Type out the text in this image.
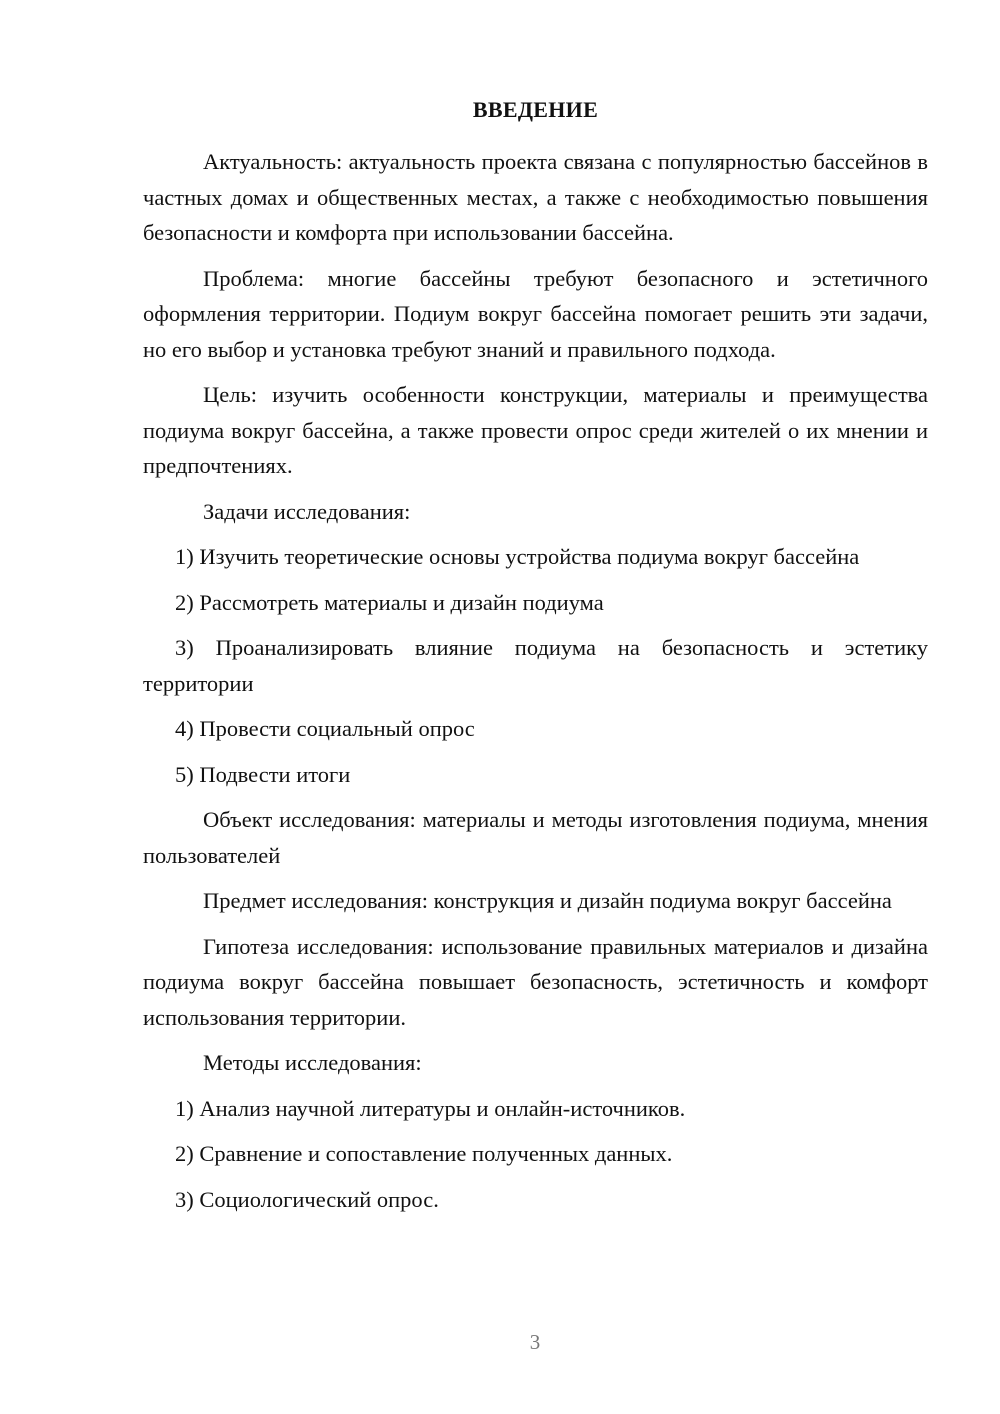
ВВЕДЕНИЕ
Актуальность: актуальность проекта связана с популярностью бассейнов в частных домах и общественных местах, а также с необходимостью повышения безопасности и комфорта при использовании бассейна.
Проблема: многие бассейны требуют безопасного и эстетичного оформления территории. Подиум вокруг бассейна помогает решить эти задачи, но его выбор и установка требуют знаний и правильного подхода.
Цель: изучить особенности конструкции, материалы и преимущества подиума вокруг бассейна, а также провести опрос среди жителей о их мнении и предпочтениях.
Задачи исследования:
1) Изучить теоретические основы устройства подиума вокруг бассейна
2) Рассмотреть материалы и дизайн подиума
3) Проанализировать влияние подиума на безопасность и эстетику территории
4) Провести социальный опрос
5) Подвести итоги
Объект исследования: материалы и методы изготовления подиума, мнения пользователей
Предмет исследования: конструкция и дизайн подиума вокруг бассейна
Гипотеза исследования: использование правильных материалов и дизайна подиума вокруг бассейна повышает безопасность, эстетичность и комфорт использования территории.
Методы исследования:
1) Анализ научной литературы и онлайн-источников.
2) Сравнение и сопоставление полученных данных.
3) Социологический опрос.
3
